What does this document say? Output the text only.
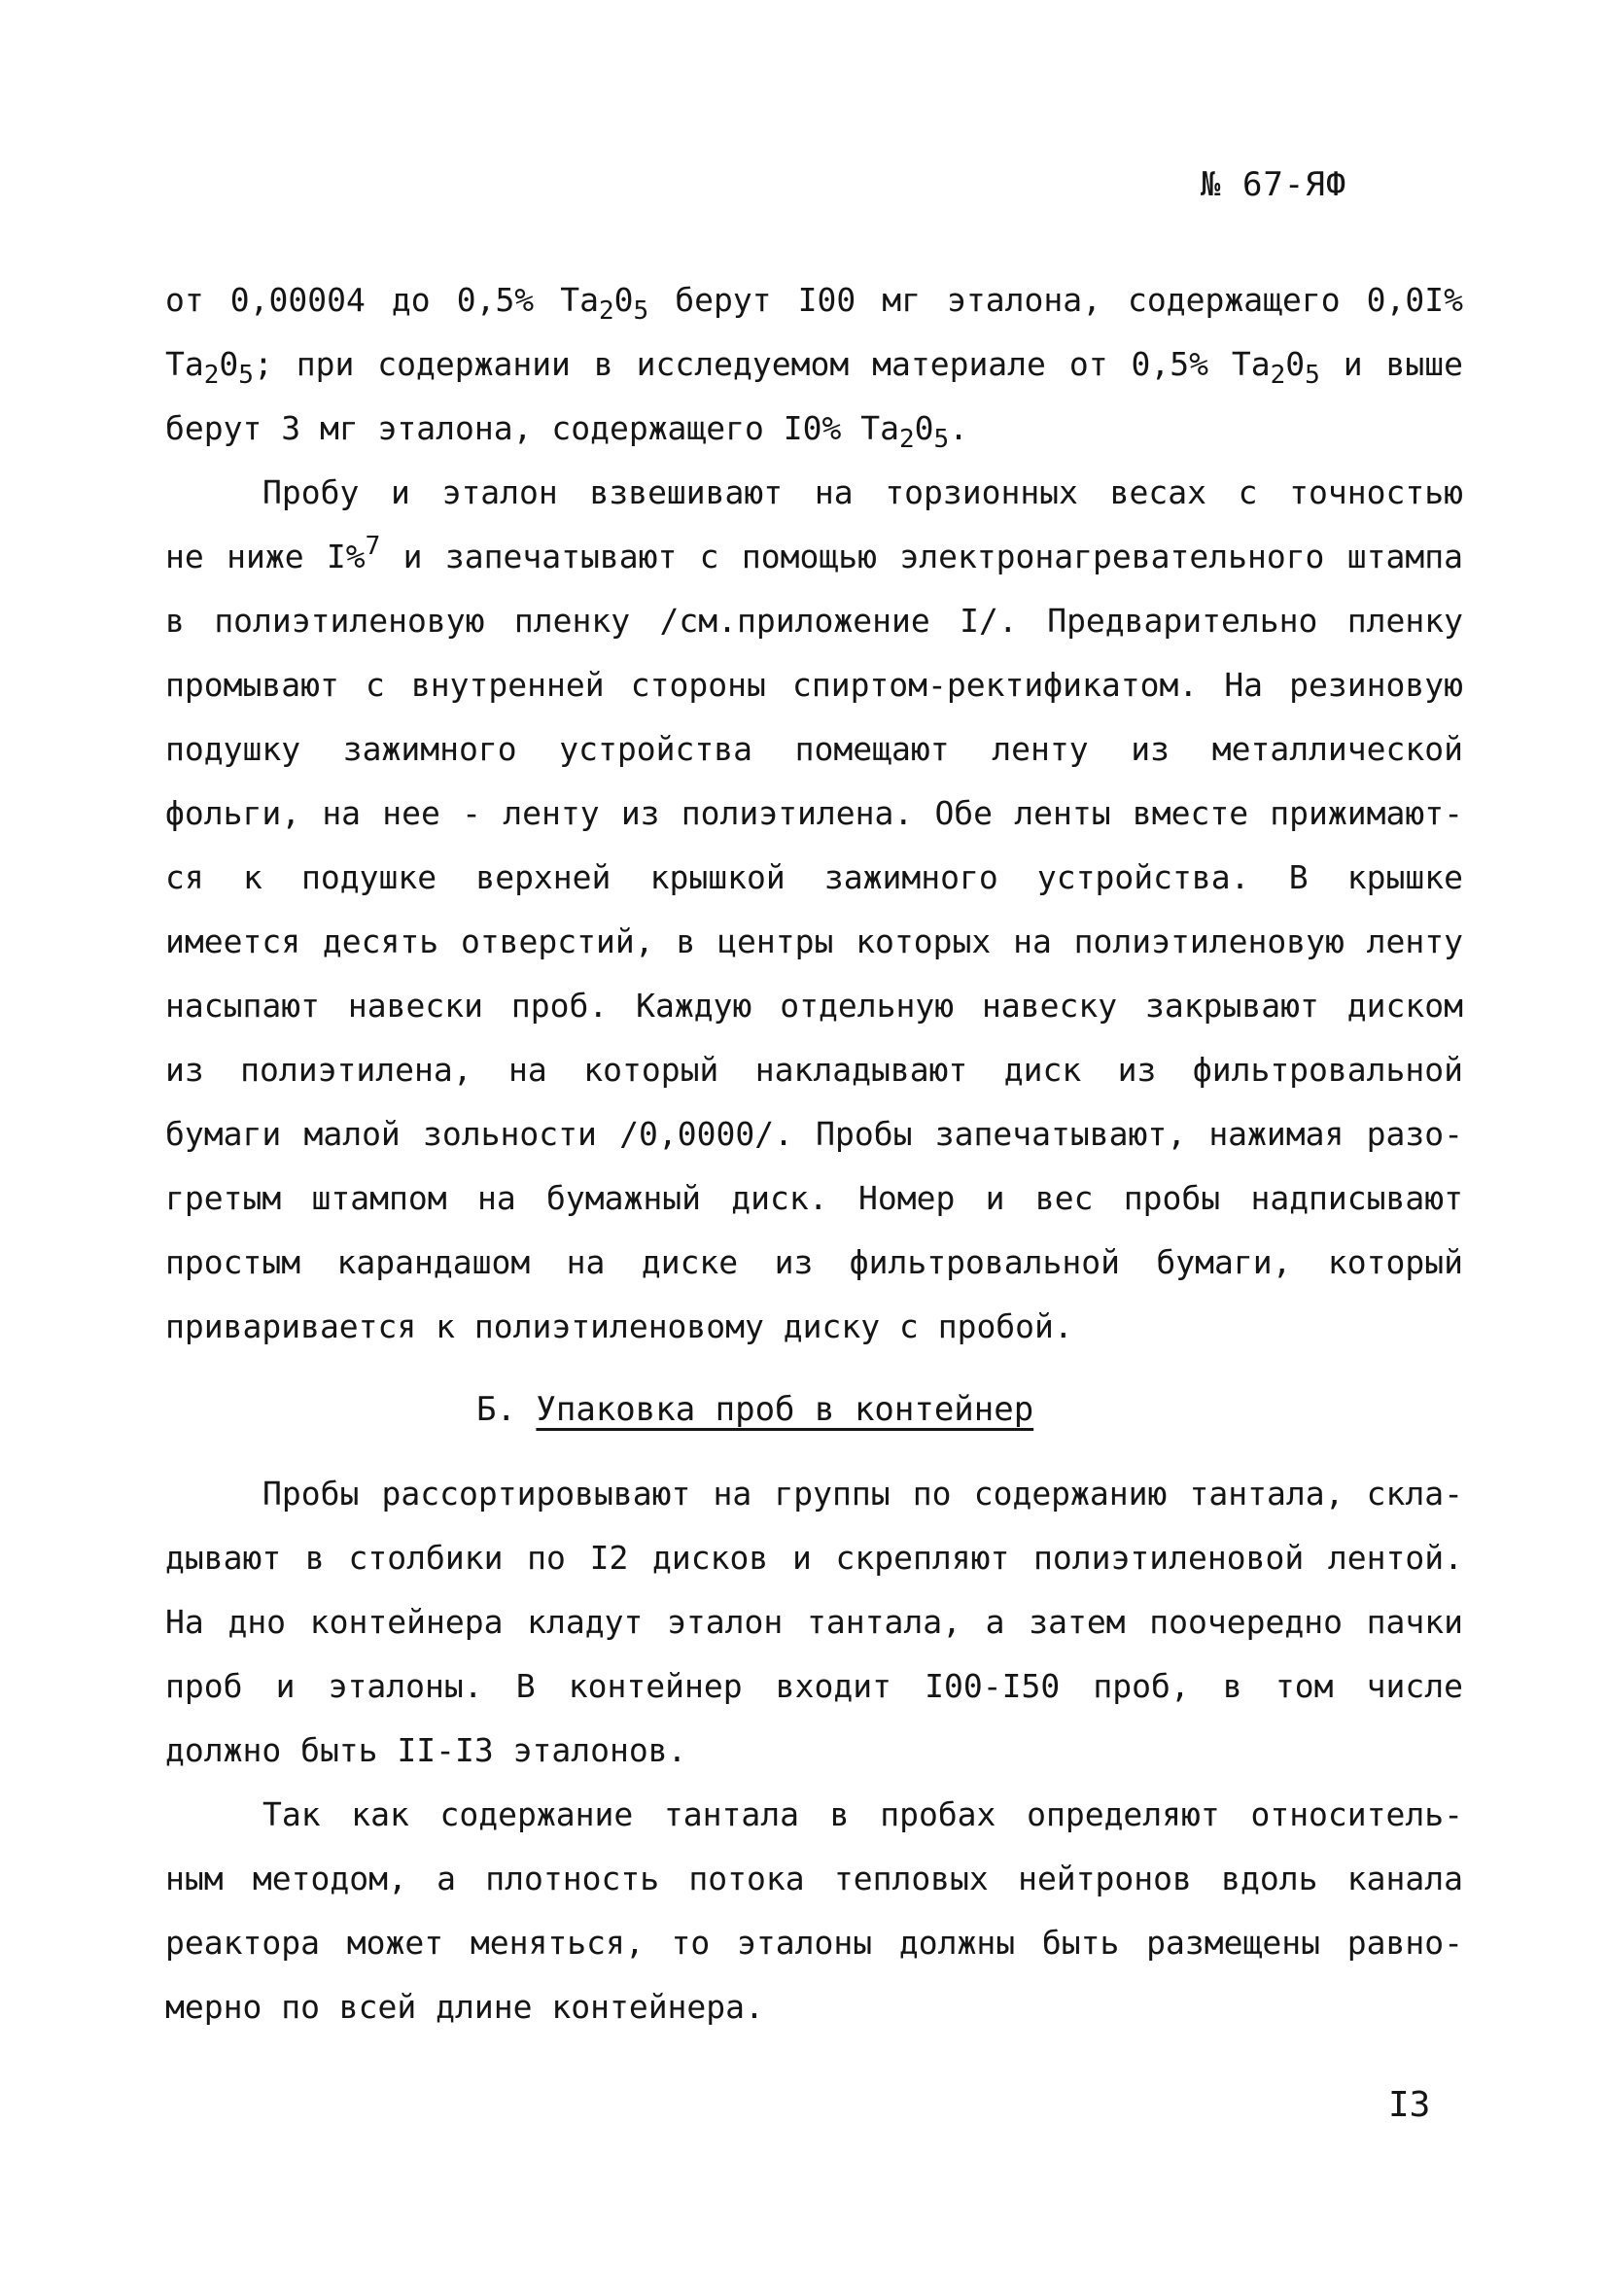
№ 67-ЯФ
от 0,00004 до 0,5% $Ta_20_5$ берут I00 мг эталона, содержащего 0,0I%
$Ta_20_5$; при содержании в исследуемом материале от 0,5% $Ta_20_5$ и выше
берут 3 мг эталона, содержащего I0% $Ta_20_5$.
Пробу и эталон взвешивают на торзионных весах с точностью
не ниже I%$^7$ и запечатывают с помощью электронагревательного штампа
в полиэтиленовую пленку /см.приложение I/. Предварительно пленку
промывают с внутренней стороны спиртом-ректификатом. На резиновую
подушку зажимного устройства помещают ленту из металлической
фольги, на нее - ленту из полиэтилена. Обе ленты вместе прижимают-
ся к подушке верхней крышкой зажимного устройства. В крышке
имеется десять отверстий, в центры которых на полиэтиленовую ленту
насыпают навески проб. Каждую отдельную навеску закрывают диском
из полиэтилена, на который накладывают диск из фильтровальной
бумаги малой зольности /0,0000/. Пробы запечатывают, нажимая разо-
гретым штампом на бумажный диск. Номер и вес пробы надписывают
простым карандашом на диске из фильтровальной бумаги, который
приваривается к полиэтиленовому диску с пробой.
Б. Упаковка проб в контейнер
Пробы рассортировывают на группы по содержанию тантала, скла-
дывают в столбики по I2 дисков и скрепляют полиэтиленовой лентой.
На дно контейнера кладут эталон тантала, а затем поочередно пачки
проб и эталоны. В контейнер входит I00-I50 проб, в том числе
должно быть II-I3 эталонов.
Так как содержание тантала в пробах определяют относитель-
ным методом, а плотность потока тепловых нейтронов вдоль канала
реактора может меняться, то эталоны должны быть размещены равно-
мерно по всей длине контейнера.
I3
